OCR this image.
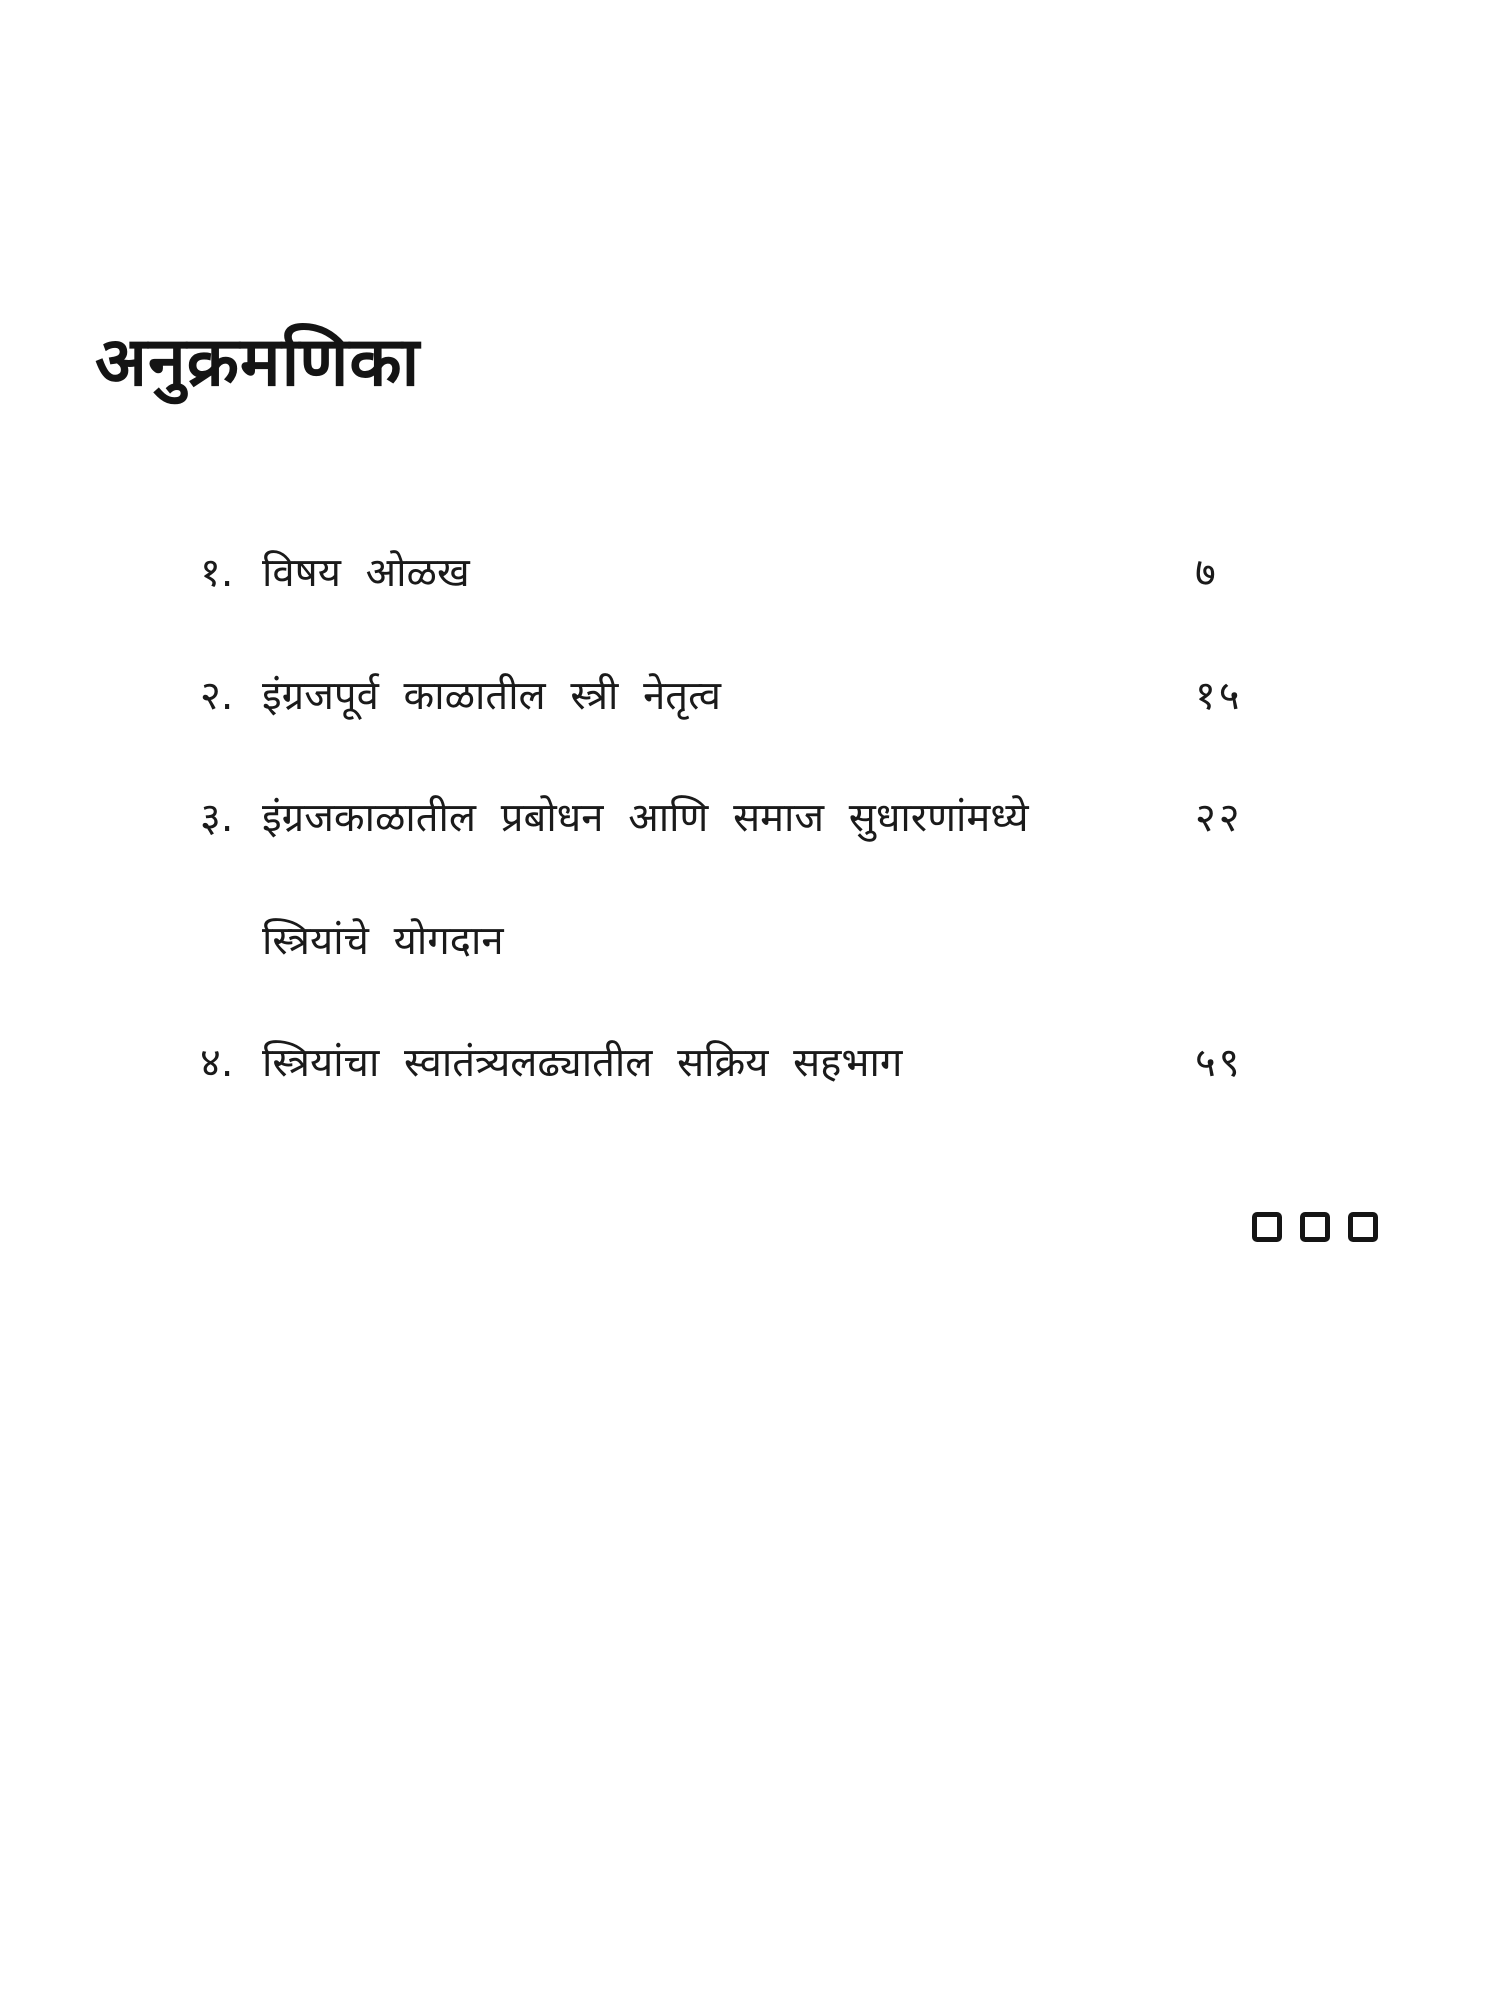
अनुक्रमणिका
१. विषय ओळख	७
२. इंग्रजपूर्व काळातील स्त्री नेतृत्व	१५
३. इंग्रजकाळातील प्रबोधन आणि समाज सुधारणांमध्ये	२२
स्त्रियांचे योगदान
४. स्त्रियांचा स्वातंत्र्यलढ्यातील सक्रिय सहभाग	५९
